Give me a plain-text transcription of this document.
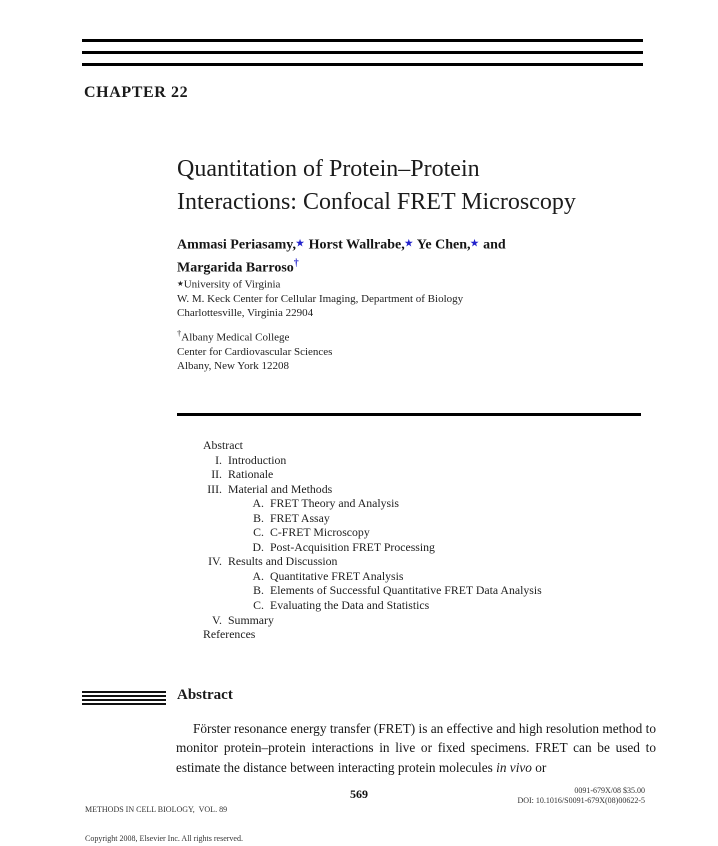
CHAPTER 22
Quantitation of Protein–Protein
Interactions: Confocal FRET Microscopy
Ammasi Periasamy,★ Horst Wallrabe,★ Ye Chen,★ and
Margarida Barroso†
★University of Virginia
W. M. Keck Center for Cellular Imaging, Department of Biology
Charlottesville, Virginia 22904
†Albany Medical College
Center for Cardiovascular Sciences
Albany, New York 12208
Abstract
I. Introduction
II. Rationale
III. Material and Methods
A. FRET Theory and Analysis
B. FRET Assay
C. C-FRET Microscopy
D. Post-Acquisition FRET Processing
IV. Results and Discussion
A. Quantitative FRET Analysis
B. Elements of Successful Quantitative FRET Data Analysis
C. Evaluating the Data and Statistics
V. Summary
References
Abstract
Förster resonance energy transfer (FRET) is an effective and high resolution method to monitor protein–protein interactions in live or fixed specimens. FRET can be used to estimate the distance between interacting protein molecules in vivo or

METHODS IN CELL BIOLOGY,  VOL. 89

Copyright 2008, Elsevier Inc. All rights reserved.

569	0091-679X/08 $35.00
DOI: 10.1016/S0091-679X(08)00622-5
